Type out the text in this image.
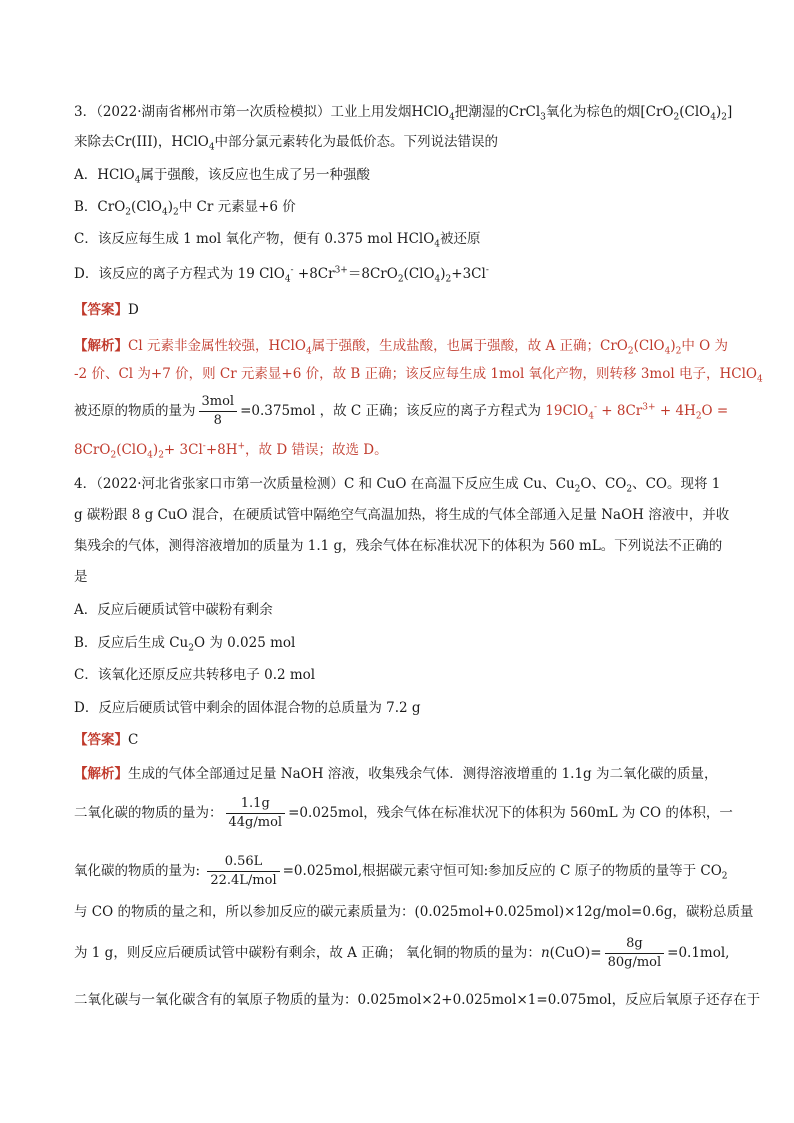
3．（2022·湖南省郴州市第一次质检模拟）工业上用发烟HClO$_4$把潮湿的CrCl$_3$氧化为棕色的烟$[CrO_2(ClO_4)_2]$
来除去Cr(III)，HClO$_4$中部分氯元素转化为最低价态。下列说法错误的
A．HClO$_4$属于强酸，该反应也生成了另一种强酸
B．$CrO_2(ClO_4)_2$中 Cr 元素显+6 价
C．该反应每生成 1 mol 氧化产物，便有 0.375 mol HClO$_4$被还原
D．该反应的离子方程式为 19 $ClO_4^- +8Cr^{3+}=8CrO_2(ClO_4)_2+3Cl^-$
【答案】D
【解析】Cl 元素非金属性较强，HClO$_4$属于强酸，生成盐酸，也属于强酸，故 A 正确；$CrO_2(ClO_4)_2$中 O 为
-2 价、Cl 为+7 价，则 Cr 元素显+6 价，故 B 正确；该反应每生成 1mol 氧化产物，则转移 3mol 电子，HClO$_4$
被还原的物质的量为 $\frac{\text{3mol}}{8} =0.375mol$ ，故 C 正确；该反应的离子方程式为 $19ClO_4^- + 8Cr^{3+} + 4H_2O$ =
$8CrO_2(ClO_4)_2+ 3Cl^-+8H^+$，故 D 错误；故选 D。
4．（2022·河北省张家口市第一次质量检测）C 和 CuO 在高温下反应生成 Cu、$Cu_2O$、$CO_2$、CO。现将 1
g 碳粉跟 8 g CuO 混合，在硬质试管中隔绝空气高温加热，将生成的气体全部通入足量 NaOH 溶液中，并收
集残余的气体，测得溶液增加的质量为 1.1 g，残余气体在标准状况下的体积为 560 mL。下列说法不正确的
是
A．反应后硬质试管中碳粉有剩余
B．反应后生成 $Cu_2O$ 为 0.025 mol
C．该氧化还原反应共转移电子 0.2 mol
D．反应后硬质试管中剩余的固体混合物的总质量为 7.2 g
【答案】C
【解析】生成的气体全部通过足量 NaOH 溶液，收集残余气体．测得溶液增重的 1.1g 为二氧化碳的质量，
二氧化碳的物质的量为： $\frac{1.1g}{\text{44g/mol}} =0.025mol$，残余气体在标准状况下的体积为 560mL 为 CO 的体积，一
氧化碳的物质的量为: $\frac{0.56L}{\text{22.4L/mol}} =0.025mol$,根据碳元素守恒可知:参加反应的 C 原子的物质的量等于 $CO_2$
与 CO 的物质的量之和，所以参加反应的碳元素质量为：(0.025mol+0.025mol)×12g/mol=0.6g，碳粉总质量
为 1 g，则反应后硬质试管中碳粉有剩余，故 A 正确； 氧化铜的物质的量为：$n(CuO)= \frac{8g}{\text{80g/mol}} =0.1mol$,
二氧化碳与一氧化碳含有的氧原子物质的量为：0.025mol×2+0.025mol×1=0.075mol，反应后氧原子还存在于
